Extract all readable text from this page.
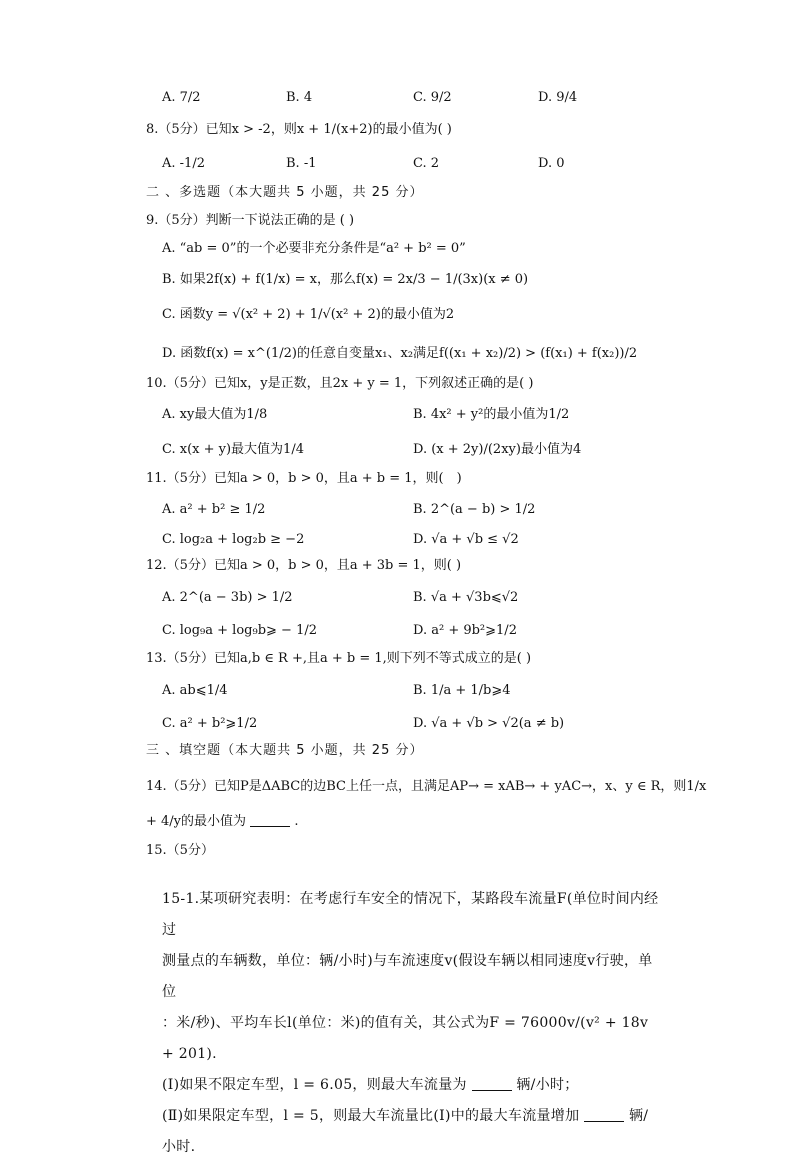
A. 7/2	B. 4	C. 9/2	D. 9/4
8.（5分）已知x > -2，则x + 1/(x+2)的最小值为( )
A. -1/2	B. -1	C. 2	D. 0
二 、多选题（本大题共 5 小题，共 25 分）
9.（5分）判断一下说法正确的是 ( )
A. “ab = 0”的一个必要非充分条件是“a² + b² = 0”
B. 如果2f(x) + f(1/x) = x，那么f(x) = 2x/3 − 1/(3x)(x ≠ 0)
C. 函数y = √(x² + 2) + 1/√(x² + 2)的最小值为2
D. 函数f(x) = x^(1/2)的任意自变量x₁、x₂满足f((x₁ + x₂)/2) > (f(x₁) + f(x₂))/2
10.（5分）已知x，y是正数，且2x + y = 1，下列叙述正确的是( )
A. xy最大值为1/8	B. 4x² + y²的最小值为1/2
C. x(x + y)最大值为1/4	D. (x + 2y)/(2xy)最小值为4
11.（5分）已知a > 0，b > 0，且a + b = 1，则(　)
A. a² + b² ≥ 1/2	B. 2^(a − b) > 1/2
C. log₂a + log₂b ≥ −2	D. √a + √b ≤ √2
12.（5分）已知a > 0，b > 0，且a + 3b = 1，则( )
A. 2^(a − 3b) > 1/2	B. √a + √3b⩽√2
C. log₉a + log₉b⩾ − 1/2	D. a² + 9b²⩾1/2
13.（5分）已知a,b ∈ R +,且a + b = 1,则下列不等式成立的是( )
A. ab⩽1/4	B. 1/a + 1/b⩾4
C. a² + b²⩾1/2	D. √a + √b > √2(a ≠ b)
三 、填空题（本大题共 5 小题，共 25 分）
14.（5分）已知P是ΔABC的边BC上任一点，且满足AP→ = xAB→ + yAC→，x、y ∈ R，则1/x
+ 4/y的最小值为	.
15.（5分）
15-1.某项研究表明：在考虑行车安全的情况下，某路段车流量F(单位时间内经过
测量点的车辆数，单位：辆/小时)与车流速度v(假设车辆以相同速度v行驶，单位
：米/秒)、平均车长l(单位：米)的值有关，其公式为F = 76000v/(v² + 18v + 201).
(Ⅰ)如果不限定车型，l = 6.05，则最大车流量为	辆/小时；
(Ⅱ)如果限定车型，l = 5，则最大车流量比(Ⅰ)中的最大车流量增加	辆/
小时.
